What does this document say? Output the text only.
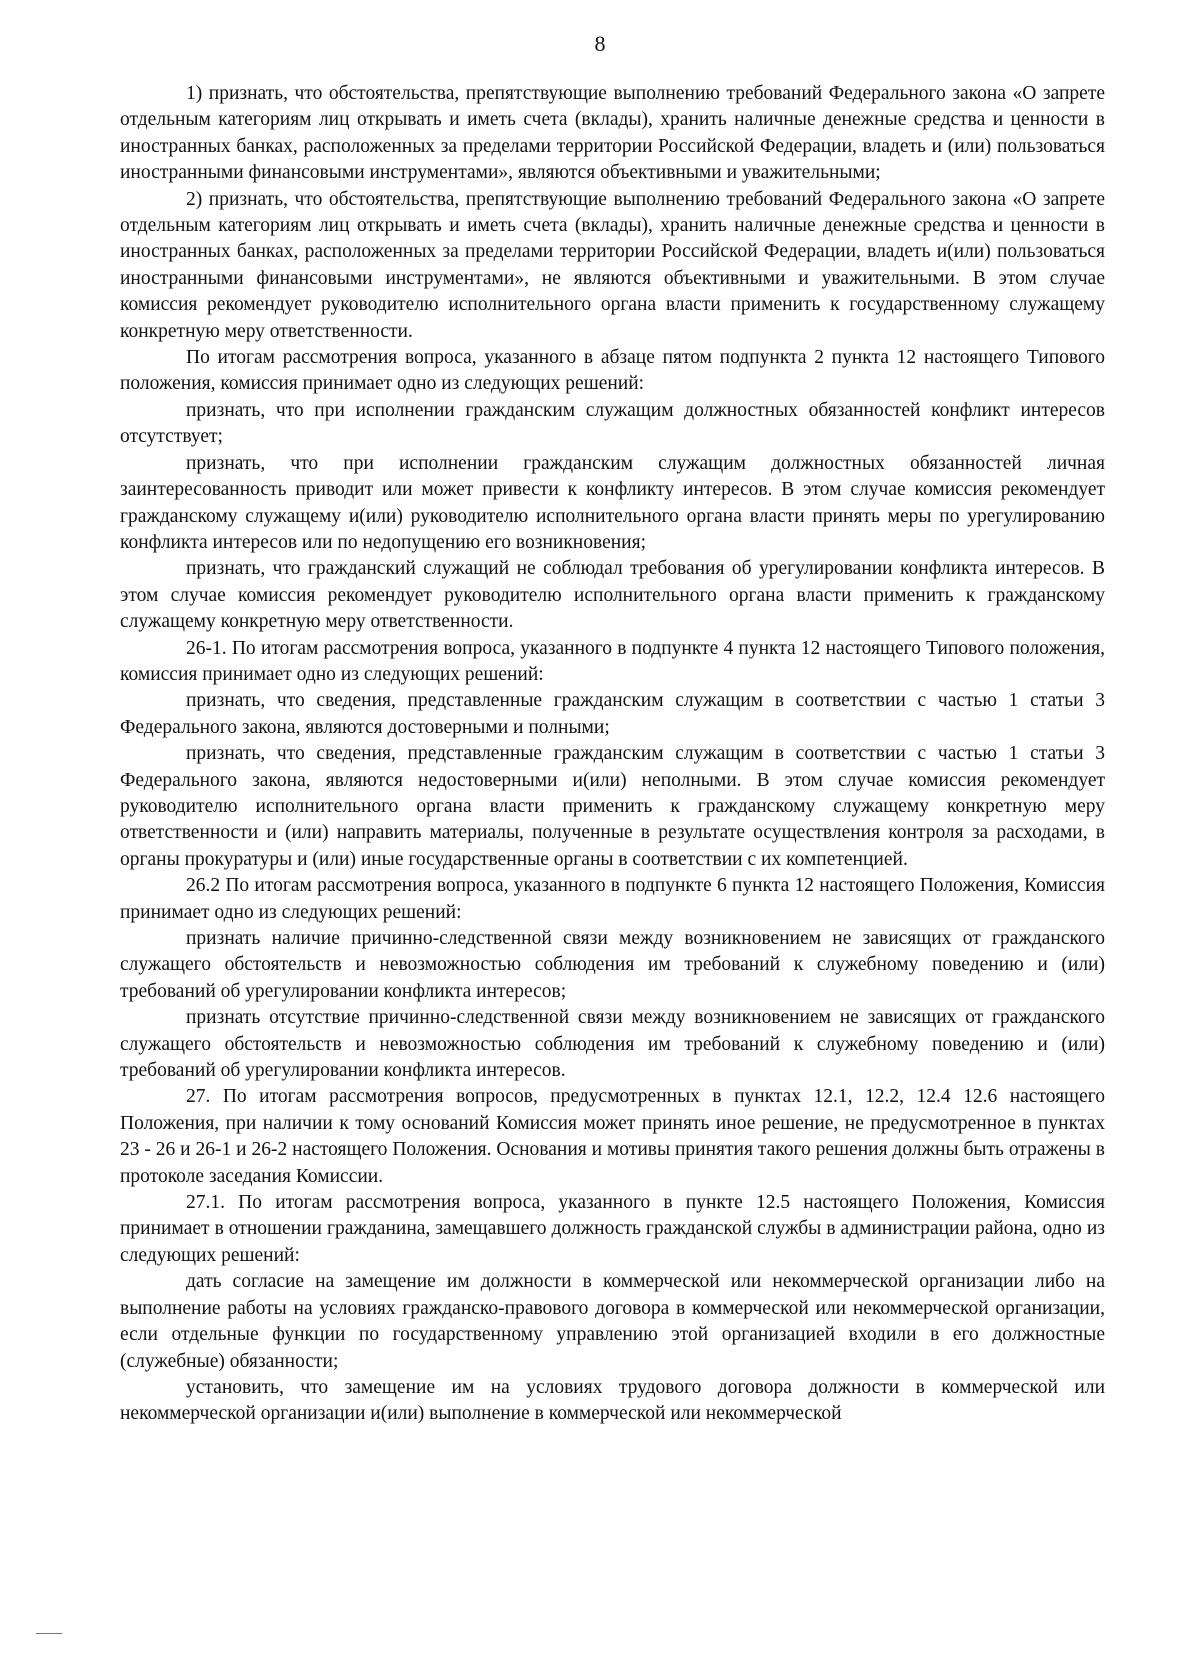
8

1) признать, что обстоятельства, препятствующие выполнению требований Федерального закона «О запрете отдельным категориям лиц открывать и иметь счета (вклады), хранить наличные денежные средства и ценности в иностранных банках, расположенных за пределами территории Российской Федерации, владеть и (или) пользоваться иностранными финансовыми инструментами», являются объективными и уважительными;

2) признать, что обстоятельства, препятствующие выполнению требований Федерального закона «О запрете отдельным категориям лиц открывать и иметь счета (вклады), хранить наличные денежные средства и ценности в иностранных банках, расположенных за пределами территории Российской Федерации, владеть и(или) пользоваться иностранными финансовыми инструментами», не являются объективными и уважительными. В этом случае комиссия рекомендует руководителю исполнительного органа власти применить к государственному служащему конкретную меру ответственности.

По итогам рассмотрения вопроса, указанного в абзаце пятом подпункта 2 пункта 12 настоящего Типового положения, комиссия принимает одно из следующих решений:

признать, что при исполнении гражданским служащим должностных обязанностей конфликт интересов отсутствует;

признать, что при исполнении гражданским служащим должностных обязанностей личная заинтересованность приводит или может привести к конфликту интересов. В этом случае комиссия рекомендует гражданскому служащему и(или) руководителю исполнительного органа власти принять меры по урегулированию конфликта интересов или по недопущению его возникновения;

признать, что гражданский служащий не соблюдал требования об урегулировании конфликта интересов. В этом случае комиссия рекомендует руководителю исполнительного органа власти применить к гражданскому служащему конкретную меру ответственности.

26-1. По итогам рассмотрения вопроса, указанного в подпункте 4 пункта 12 настоящего Типового положения, комиссия принимает одно из следующих решений:

признать, что сведения, представленные гражданским служащим в соответствии с частью 1 статьи 3 Федерального закона, являются достоверными и полными;

признать, что сведения, представленные гражданским служащим в соответствии с частью 1 статьи 3 Федерального закона, являются недостоверными и(или) неполными. В этом случае комиссия рекомендует руководителю исполнительного органа власти применить к гражданскому служащему конкретную меру ответственности и (или) направить материалы, полученные в результате осуществления контроля за расходами, в органы прокуратуры и (или) иные государственные органы в соответствии с их компетенцией.

26.2 По итогам рассмотрения вопроса, указанного в подпункте 6 пункта 12 настоящего Положения, Комиссия принимает одно из следующих решений:

признать наличие причинно-следственной связи между возникновением не зависящих от гражданского служащего обстоятельств и невозможностью соблюдения им требований к служебному поведению и (или) требований об урегулировании конфликта интересов;

признать отсутствие причинно-следственной связи между возникновением не зависящих от гражданского служащего обстоятельств и невозможностью соблюдения им требований к служебному поведению и (или) требований об урегулировании конфликта интересов.

27. По итогам рассмотрения вопросов, предусмотренных в пунктах 12.1, 12.2, 12.4 12.6 настоящего Положения, при наличии к тому оснований Комиссия может принять иное решение, не предусмотренное в пунктах 23 - 26 и 26-1 и 26-2 настоящего Положения. Основания и мотивы принятия такого решения должны быть отражены в протоколе заседания Комиссии.

27.1. По итогам рассмотрения вопроса, указанного в пункте 12.5 настоящего Положения, Комиссия принимает в отношении гражданина, замещавшего должность гражданской службы в администрации района, одно из следующих решений:

дать согласие на замещение им должности в коммерческой или некоммерческой организации либо на выполнение работы на условиях гражданско-правового договора в коммерческой или некоммерческой организации, если отдельные функции по государственному управлению этой организацией входили в его должностные (служебные) обязанности;

установить, что замещение им на условиях трудового договора должности в коммерческой или некоммерческой организации и(или) выполнение в коммерческой или некоммерческой
